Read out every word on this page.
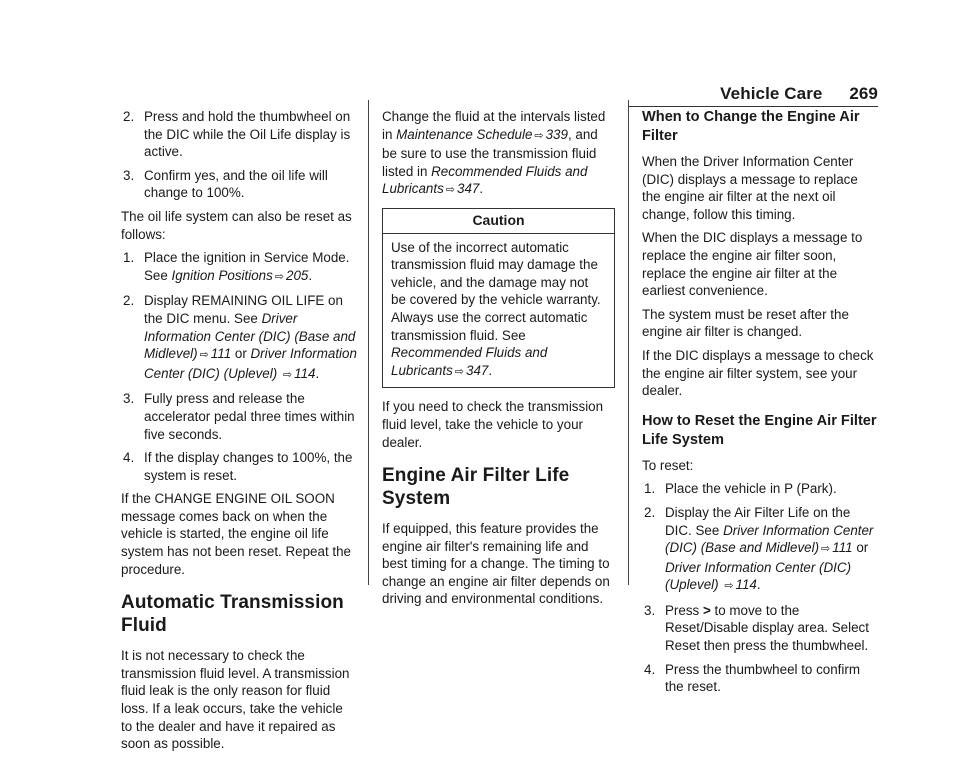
Vehicle Care 269
2. Press and hold the thumbwheel on the DIC while the Oil Life display is active.
3. Confirm yes, and the oil life will change to 100%.

The oil life system can also be reset as follows:

1. Place the ignition in Service Mode. See Ignition Positions ⇨ 205.
2. Display REMAINING OIL LIFE on the DIC menu. See Driver Information Center (DIC) (Base and Midlevel) ⇨ 111 or Driver Information Center (DIC) (Uplevel) ⇨ 114.
3. Fully press and release the accelerator pedal three times within five seconds.
4. If the display changes to 100%, the system is reset.

If the CHANGE ENGINE OIL SOON message comes back on when the vehicle is started, the engine oil life system has not been reset. Repeat the procedure.

Automatic Transmission Fluid

It is not necessary to check the transmission fluid level. A transmission fluid leak is the only reason for fluid loss. If a leak occurs, take the vehicle to the dealer and have it repaired as soon as possible.

Change the fluid at the intervals listed in Maintenance Schedule ⇨ 339, and be sure to use the transmission fluid listed in Recommended Fluids and Lubricants ⇨ 347.

Caution
Use of the incorrect automatic transmission fluid may damage the vehicle, and the damage may not be covered by the vehicle warranty. Always use the correct automatic transmission fluid. See Recommended Fluids and Lubricants ⇨ 347.

If you need to check the transmission fluid level, take the vehicle to your dealer.

Engine Air Filter Life System

If equipped, this feature provides the engine air filter's remaining life and best timing for a change. The timing to change an engine air filter depends on driving and environmental conditions.

When to Change the Engine Air Filter

When the Driver Information Center (DIC) displays a message to replace the engine air filter at the next oil change, follow this timing.

When the DIC displays a message to replace the engine air filter soon, replace the engine air filter at the earliest convenience.

The system must be reset after the engine air filter is changed.

If the DIC displays a message to check the engine air filter system, see your dealer.

How to Reset the Engine Air Filter Life System

To reset:

1. Place the vehicle in P (Park).
2. Display the Air Filter Life on the DIC. See Driver Information Center (DIC) (Base and Midlevel) ⇨ 111 or Driver Information Center (DIC) (Uplevel) ⇨ 114.
3. Press > to move to the Reset/Disable display area. Select Reset then press the thumbwheel.
4. Press the thumbwheel to confirm the reset.
